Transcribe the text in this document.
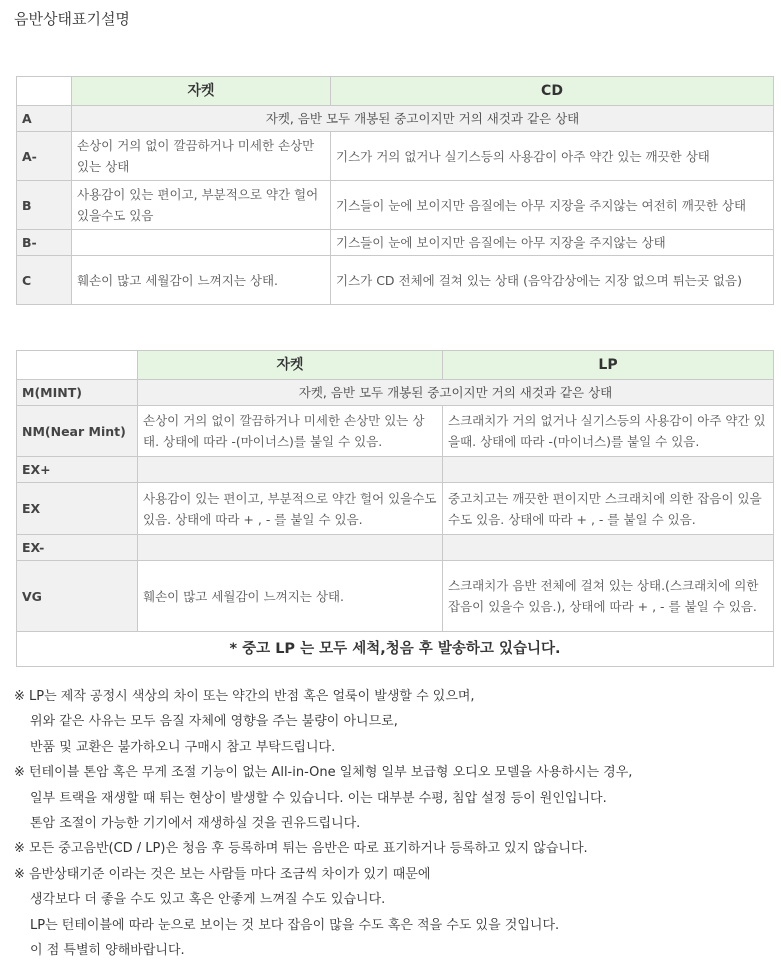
음반상태표기설명
	자켓	CD
A	자켓, 음반 모두 개봉된 중고이지만 거의 새것과 같은 상태	
A-	손상이 거의 없이 깔끔하거나 미세한 손상만 있는 상태	기스가 거의 없거나 실기스등의 사용감이 아주 약간 있는 깨끗한 상태
B	사용감이 있는 편이고, 부분적으로 약간 헐어 있을수도 있음	기스들이 눈에 보이지만 음질에는 아무 지장을 주지않는 여전히 깨끗한 상태
B-		기스들이 눈에 보이지만 음질에는 아무 지장을 주지않는 상태
C	훼손이 많고 세월감이 느껴지는 상태.	기스가 CD 전체에 걸쳐 있는 상태 (음악감상에는 지장 없으며 튀는곳 없음)
	자켓	LP
M(MINT)	자켓, 음반 모두 개봉된 중고이지만 거의 새것과 같은 상태	
NM(Near Mint)	손상이 거의 없이 깔끔하거나 미세한 손상만 있는 상태. 상태에 따라 -(마이너스)를 붙일 수 있음.	스크래치가 거의 없거나 실기스등의 사용감이 아주 약간 있을때. 상태에 따라 -(마이너스)를 붙일 수 있음.
EX+		
EX	사용감이 있는 편이고, 부분적으로 약간 헐어 있을수도 있음. 상태에 따라 + , - 를 붙일 수 있음.	중고치고는 깨끗한 편이지만 스크래치에 의한 잡음이 있을수도 있음. 상태에 따라 + , - 를 붙일 수 있음.
EX-		
VG	훼손이 많고 세월감이 느껴지는 상태.	스크래치가 음반 전체에 걸쳐 있는 상태.(스크래치에 의한 잡음이 있을수 있음.), 상태에 따라 + , - 를 붙일 수 있음.
* 중고 LP 는 모두 세척,청음 후 발송하고 있습니다.		
※ LP는 제작 공정시 색상의 차이 또는 약간의 반점 혹은 얼룩이 발생할 수 있으며,
위와 같은 사유는 모두 음질 자체에 영향을 주는 불량이 아니므로,
반품 및 교환은 불가하오니 구매시 참고 부탁드립니다.
※ 턴테이블 톤암 혹은 무게 조절 기능이 없는 All-in-One 일체형 일부 보급형 오디오 모델을 사용하시는 경우,
일부 트랙을 재생할 때 튀는 현상이 발생할 수 있습니다. 이는 대부분 수평, 침압 설정 등이 원인입니다.
톤암 조절이 가능한 기기에서 재생하실 것을 권유드립니다.
※ 모든 중고음반(CD / LP)은 청음 후 등록하며 튀는 음반은 따로 표기하거나 등록하고 있지 않습니다.
※ 음반상태기준 이라는 것은 보는 사람들 마다 조금씩 차이가 있기 때문에
생각보다 더 좋을 수도 있고 혹은 안좋게 느껴질 수도 있습니다.
LP는 턴테이블에 따라 눈으로 보이는 것 보다 잡음이 많을 수도 혹은 적을 수도 있을 것입니다.
이 점 특별히 양해바랍니다.
